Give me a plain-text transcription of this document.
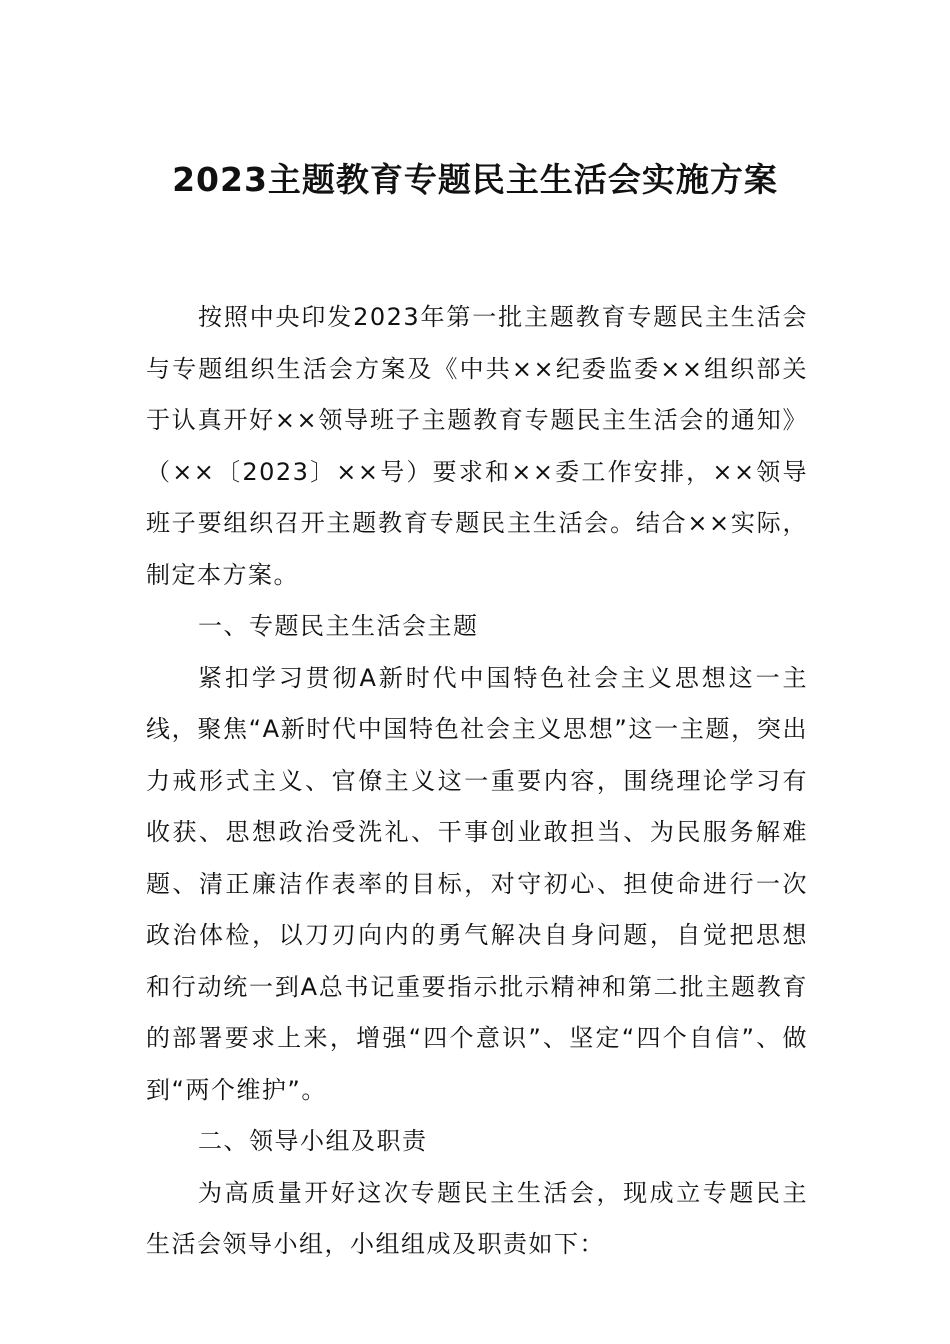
2023主题教育专题民主生活会实施方案

按照中央印发2023年第一批主题教育专题民主生活会与专题组织生活会方案及《中共××纪委监委××组织部关于认真开好××领导班子主题教育专题民主生活会的通知》（××〔2023〕××号）要求和××委工作安排，××领导班子要组织召开主题教育专题民主生活会。结合××实际，制定本方案。

一、专题民主生活会主题

紧扣学习贯彻A新时代中国特色社会主义思想这一主线，聚焦“A新时代中国特色社会主义思想”这一主题，突出力戒形式主义、官僚主义这一重要内容，围绕理论学习有收获、思想政治受洗礼、干事创业敢担当、为民服务解难题、清正廉洁作表率的目标，对守初心、担使命进行一次政治体检，以刀刃向内的勇气解决自身问题，自觉把思想和行动统一到A总书记重要指示批示精神和第二批主题教育的部署要求上来，增强“四个意识”、坚定“四个自信”、做到“两个维护”。

二、领导小组及职责

为高质量开好这次专题民主生活会，现成立专题民主生活会领导小组，小组组成及职责如下：
